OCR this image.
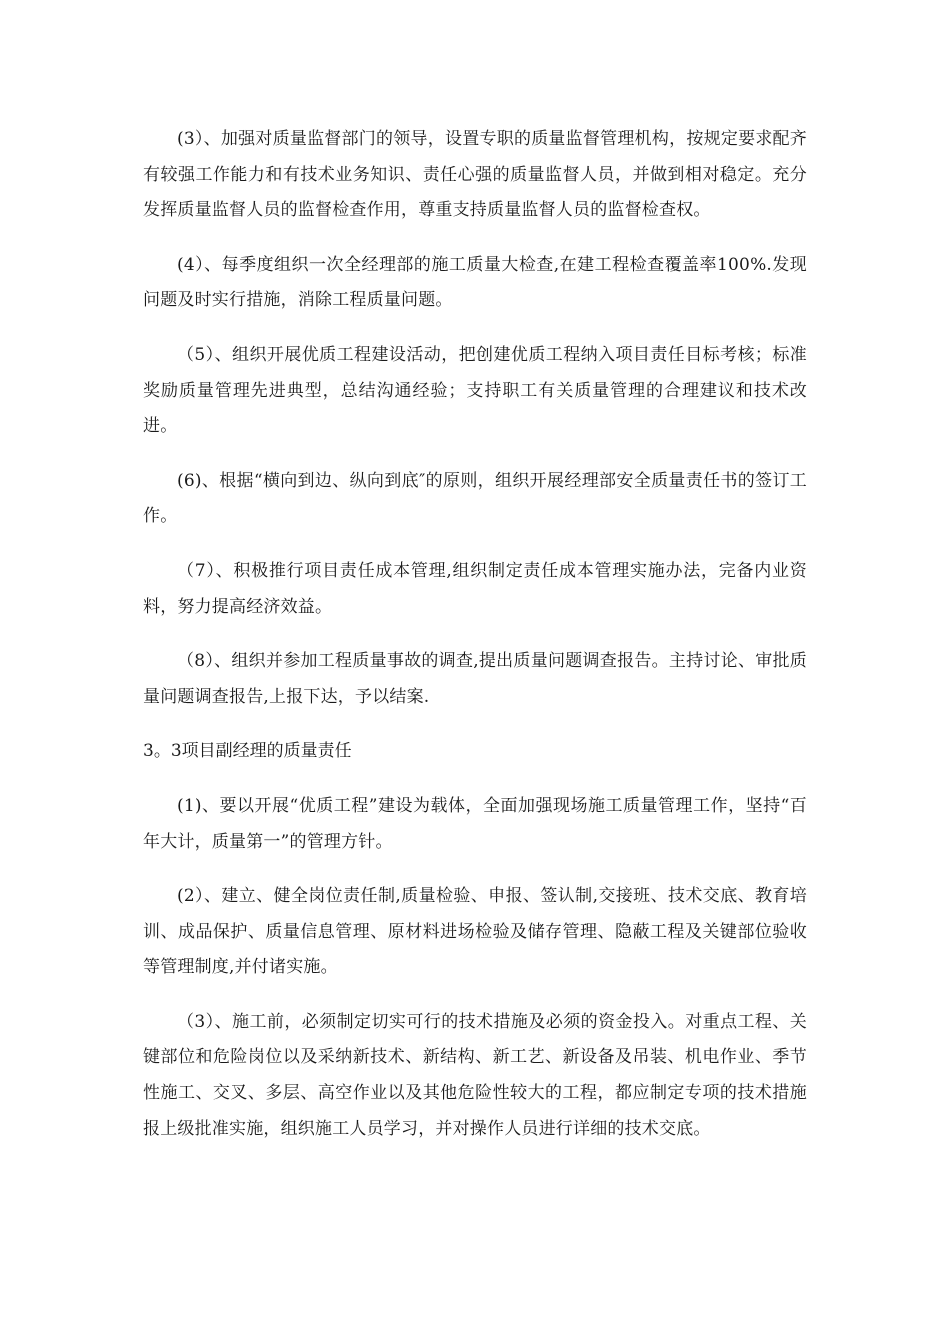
(3）、加强对质量监督部门的领导，设置专职的质量监督管理机构，按规定要求配齐有较强工作能力和有技术业务知识、责任心强的质量监督人员，并做到相对稳定。充分发挥质量监督人员的监督检查作用，尊重支持质量监督人员的监督检查权。

(4）、每季度组织一次全经理部的施工质量大检查,在建工程检查覆盖率100%.发现问题及时实行措施，消除工程质量问题。

（5）、组织开展优质工程建设活动，把创建优质工程纳入项目责任目标考核；标准奖励质量管理先进典型，总结沟通经验；支持职工有关质量管理的合理建议和技术改进。

(6)、根据“横向到边、纵向到底″的原则，组织开展经理部安全质量责任书的签订工作。

（7）、积极推行项目责任成本管理,组织制定责任成本管理实施办法，完备内业资料，努力提高经济效益。

（8）、组织并参加工程质量事故的调查,提出质量问题调查报告。主持讨论、审批质量问题调查报告,上报下达，予以结案.

3。3项目副经理的质量责任

(1)、要以开展“优质工程”建设为载体，全面加强现场施工质量管理工作，坚持“百年大计，质量第一”的管理方针。

(2）、建立、健全岗位责任制,质量检验、申报、签认制,交接班、技术交底、教育培训、成品保护、质量信息管理、原材料进场检验及储存管理、隐蔽工程及关键部位验收等管理制度,并付诸实施。

（3）、施工前，必须制定切实可行的技术措施及必须的资金投入。对重点工程、关键部位和危险岗位以及采纳新技术、新结构、新工艺、新设备及吊装、机电作业、季节性施工、交叉、多层、高空作业以及其他危险性较大的工程，都应制定专项的技术措施报上级批准实施，组织施工人员学习，并对操作人员进行详细的技术交底。
